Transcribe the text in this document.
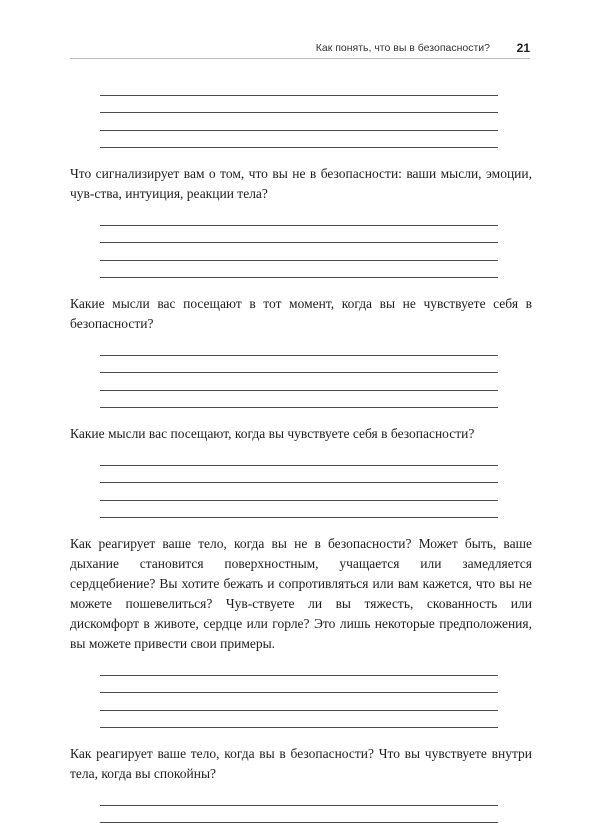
Как понять, что вы в безопасности? 21

Что сигнализирует вам о том, что вы не в безопасности: ваши мысли, эмоции, чув-ства, интуиция, реакции тела?

Какие мысли вас посещают в тот момент, когда вы не чувствуете себя в безопасности?

Какие мысли вас посещают, когда вы чувствуете себя в безопасности?

Как реагирует ваше тело, когда вы не в безопасности? Может быть, ваше дыхание становится поверхностным, учащается или замедляется сердцебиение? Вы хотите бежать и сопротивляться или вам кажется, что вы не можете пошевелиться? Чув-ствуете ли вы тяжесть, скованность или дискомфорт в животе, сердце или горле? Это лишь некоторые предположения, вы можете привести свои примеры.

Как реагирует ваше тело, когда вы в безопасности? Что вы чувствуете внутри тела, когда вы спокойны?
